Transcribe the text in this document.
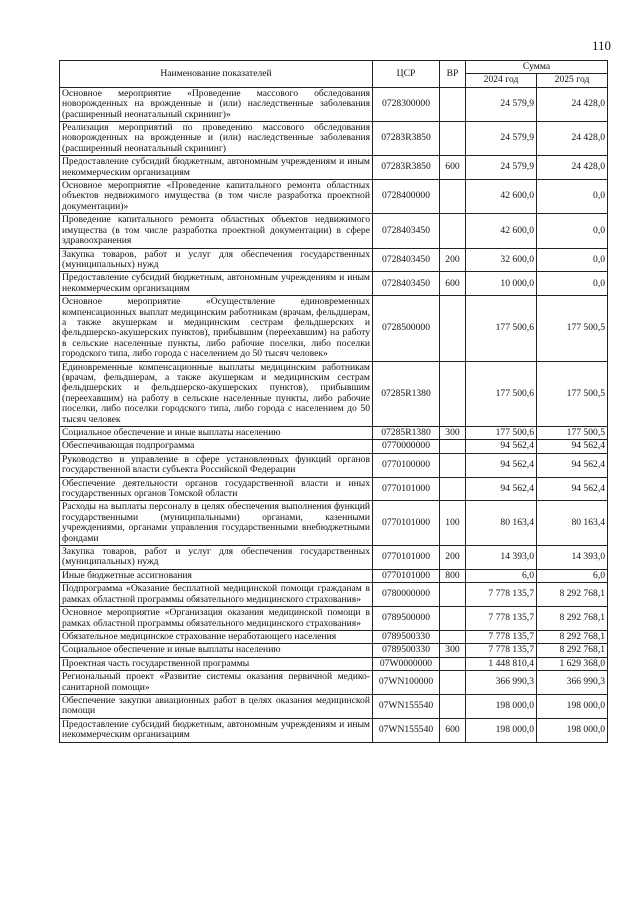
110
Наименование показателей	ЦСР	ВР	Сумма	
			2024 год	2025 год
Основное мероприятие «Проведение массового обследования новорожденных на врожденные и (или) наследственные заболевания (расширенный неонатальный скрининг)»	0728300000		24 579,9	24 428,0
Реализация мероприятий по проведению массового обследования новорожденных на врожденные и (или) наследственные заболевания (расширенный неонатальный скрининг)	07283R3850		24 579,9	24 428,0
Предоставление субсидий бюджетным, автономным учреждениям и иным некоммерческим организациям	07283R3850	600	24 579,9	24 428,0
Основное мероприятие «Проведение капитального ремонта областных объектов недвижимого имущества (в том числе разработка проектной документации)»	0728400000		42 600,0	0,0
Проведение капитального ремонта областных объектов недвижимого имущества (в том числе разработка проектной документации) в сфере здравоохранения	0728403450		42 600,0	0,0
Закупка товаров, работ и услуг для обеспечения государственных (муниципальных) нужд	0728403450	200	32 600,0	0,0
Предоставление субсидий бюджетным, автономным учреждениям и иным некоммерческим организациям	0728403450	600	10 000,0	0,0
Основное мероприятие «Осуществление единовременных компенсационных выплат медицинским работникам (врачам, фельдшерам, а также акушеркам и медицинским сестрам фельдшерских и фельдшерско-акушерских пунктов), прибывшим (переехавшим) на работу в сельские населенные пункты, либо рабочие поселки, либо поселки городского типа, либо города с населением до 50 тысяч человек»	0728500000		177 500,6	177 500,5
Единовременные компенсационные выплаты медицинским работникам (врачам, фельдшерам, а также акушеркам и медицинским сестрам фельдшерских и фельдшерско-акушерских пунктов), прибывшим (переехавшим) на работу в сельские населенные пункты, либо рабочие поселки, либо поселки городского типа, либо города с населением до 50 тысяч человек	07285R1380		177 500,6	177 500,5
Социальное обеспечение и иные выплаты населению	07285R1380	300	177 500,6	177 500,5
Обеспечивающая подпрограмма	0770000000		94 562,4	94 562,4
Руководство и управление в сфере установленных функций органов государственной власти субъекта Российской Федерации	0770100000		94 562,4	94 562,4
Обеспечение деятельности органов государственной власти и иных государственных органов Томской области	0770101000		94 562,4	94 562,4
Расходы на выплаты персоналу в целях обеспечения выполнения функций государственными (муниципальными) органами, казенными учреждениями, органами управления государственными внебюджетными фондами	0770101000	100	80 163,4	80 163,4
Закупка товаров, работ и услуг для обеспечения государственных (муниципальных) нужд	0770101000	200	14 393,0	14 393,0
Иные бюджетные ассигнования	0770101000	800	6,0	6,0
Подпрограмма «Оказание бесплатной медицинской помощи гражданам в рамках областной программы обязательного медицинского страхования»	0780000000		7 778 135,7	8 292 768,1
Основное мероприятие «Организация оказания медицинской помощи в рамках областной программы обязательного медицинского страхования»	0789500000		7 778 135,7	8 292 768,1
Обязательное медицинское страхование неработающего населения	0789500330		7 778 135,7	8 292 768,1
Социальное обеспечение и иные выплаты населению	0789500330	300	7 778 135,7	8 292 768,1
Проектная часть государственной программы	07W0000000		1 448 810,4	1 629 368,0
Региональный проект «Развитие системы оказания первичной медико-санитарной помощи»	07WN100000		366 990,3	366 990,3
Обеспечение закупки авиационных работ в целях оказания медицинской помощи	07WN155540		198 000,0	198 000,0
Предоставление субсидий бюджетным, автономным учреждениям и иным некоммерческим организациям	07WN155540	600	198 000,0	198 000,0
